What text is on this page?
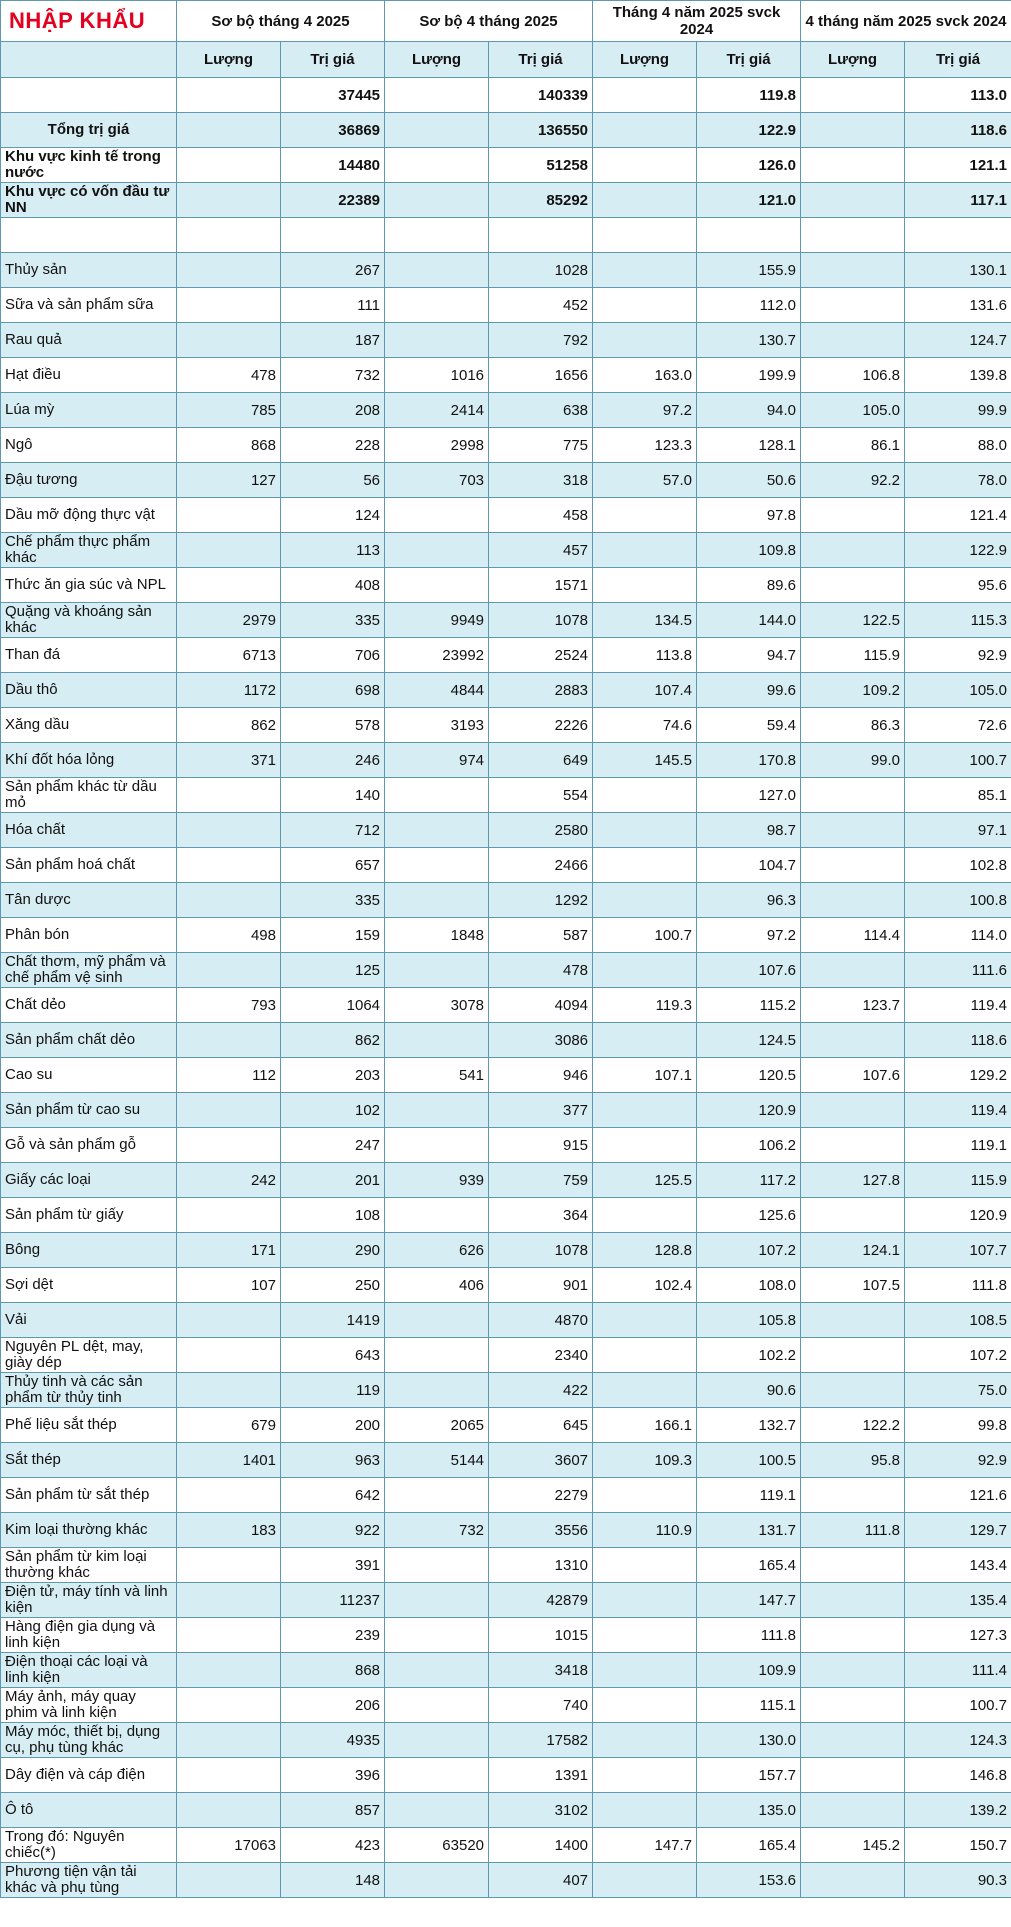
NHẬP KHẨU	Sơ bộ tháng 4 2025		Sơ bộ 4 tháng 2025		Tháng 4 năm 2025 svck 2024		4 tháng năm 2025 svck 2024	
	Lượng	Trị giá	Lượng	Trị giá	Lượng	Trị giá	Lượng	Trị giá
		37445		140339		119.8		113.0
Tổng trị giá		36869		136550		122.9		118.6
Khu vực kinh tế trong nước		14480		51258		126.0		121.1
Khu vực có vốn đầu tư NN		22389		85292		121.0		117.1

Thủy sản		267		1028		155.9		130.1
Sữa và sản phẩm sữa		111		452		112.0		131.6
Rau quả		187		792		130.7		124.7
Hạt điều	478	732	1016	1656	163.0	199.9	106.8	139.8
Lúa mỳ	785	208	2414	638	97.2	94.0	105.0	99.9
Ngô	868	228	2998	775	123.3	128.1	86.1	88.0
Đậu tương	127	56	703	318	57.0	50.6	92.2	78.0
Dầu mỡ động thực vật		124		458		97.8		121.4
Chế phẩm thực phẩm khác		113		457		109.8		122.9
Thức ăn gia súc và NPL		408		1571		89.6		95.6
Quặng và khoáng sản khác	2979	335	9949	1078	134.5	144.0	122.5	115.3
Than đá	6713	706	23992	2524	113.8	94.7	115.9	92.9
Dầu thô	1172	698	4844	2883	107.4	99.6	109.2	105.0
Xăng dầu	862	578	3193	2226	74.6	59.4	86.3	72.6
Khí đốt hóa lỏng	371	246	974	649	145.5	170.8	99.0	100.7
Sản phẩm khác từ dầu mỏ		140		554		127.0		85.1
Hóa chất		712		2580		98.7		97.1
Sản phẩm hoá chất		657		2466		104.7		102.8
Tân dược		335		1292		96.3		100.8
Phân bón	498	159	1848	587	100.7	97.2	114.4	114.0
Chất thơm, mỹ phẩm và chế phẩm vệ sinh		125		478		107.6		111.6
Chất dẻo	793	1064	3078	4094	119.3	115.2	123.7	119.4
Sản phẩm chất dẻo		862		3086		124.5		118.6
Cao su	112	203	541	946	107.1	120.5	107.6	129.2
Sản phẩm từ cao su		102		377		120.9		119.4
Gỗ và sản phẩm gỗ		247		915		106.2		119.1
Giấy các loại	242	201	939	759	125.5	117.2	127.8	115.9
Sản phẩm từ giấy		108		364		125.6		120.9
Bông	171	290	626	1078	128.8	107.2	124.1	107.7
Sợi dệt	107	250	406	901	102.4	108.0	107.5	111.8
Vải		1419		4870		105.8		108.5
Nguyên PL dệt, may, giày dép		643		2340		102.2		107.2
Thủy tinh và các sản phẩm từ thủy tinh		119		422		90.6		75.0
Phế liệu sắt thép	679	200	2065	645	166.1	132.7	122.2	99.8
Sắt thép	1401	963	5144	3607	109.3	100.5	95.8	92.9
Sản phẩm từ sắt thép		642		2279		119.1		121.6
Kim loại thường khác	183	922	732	3556	110.9	131.7	111.8	129.7
Sản phẩm từ kim loại thường khác		391		1310		165.4		143.4
Điện tử, máy tính và linh kiện		11237		42879		147.7		135.4
Hàng điện gia dụng và linh kiện		239		1015		111.8		127.3
Điện thoại các loại và linh kiện		868		3418		109.9		111.4
Máy ảnh, máy quay phim và linh kiện		206		740		115.1		100.7
Máy móc, thiết bị, dụng cụ, phụ tùng khác		4935		17582		130.0		124.3
Dây điện và cáp điện		396		1391		157.7		146.8
Ô tô		857		3102		135.0		139.2
Trong đó: Nguyên chiếc(*)	17063	423	63520	1400	147.7	165.4	145.2	150.7
Phương tiện vận tải khác và phụ tùng		148		407		153.6		90.3
